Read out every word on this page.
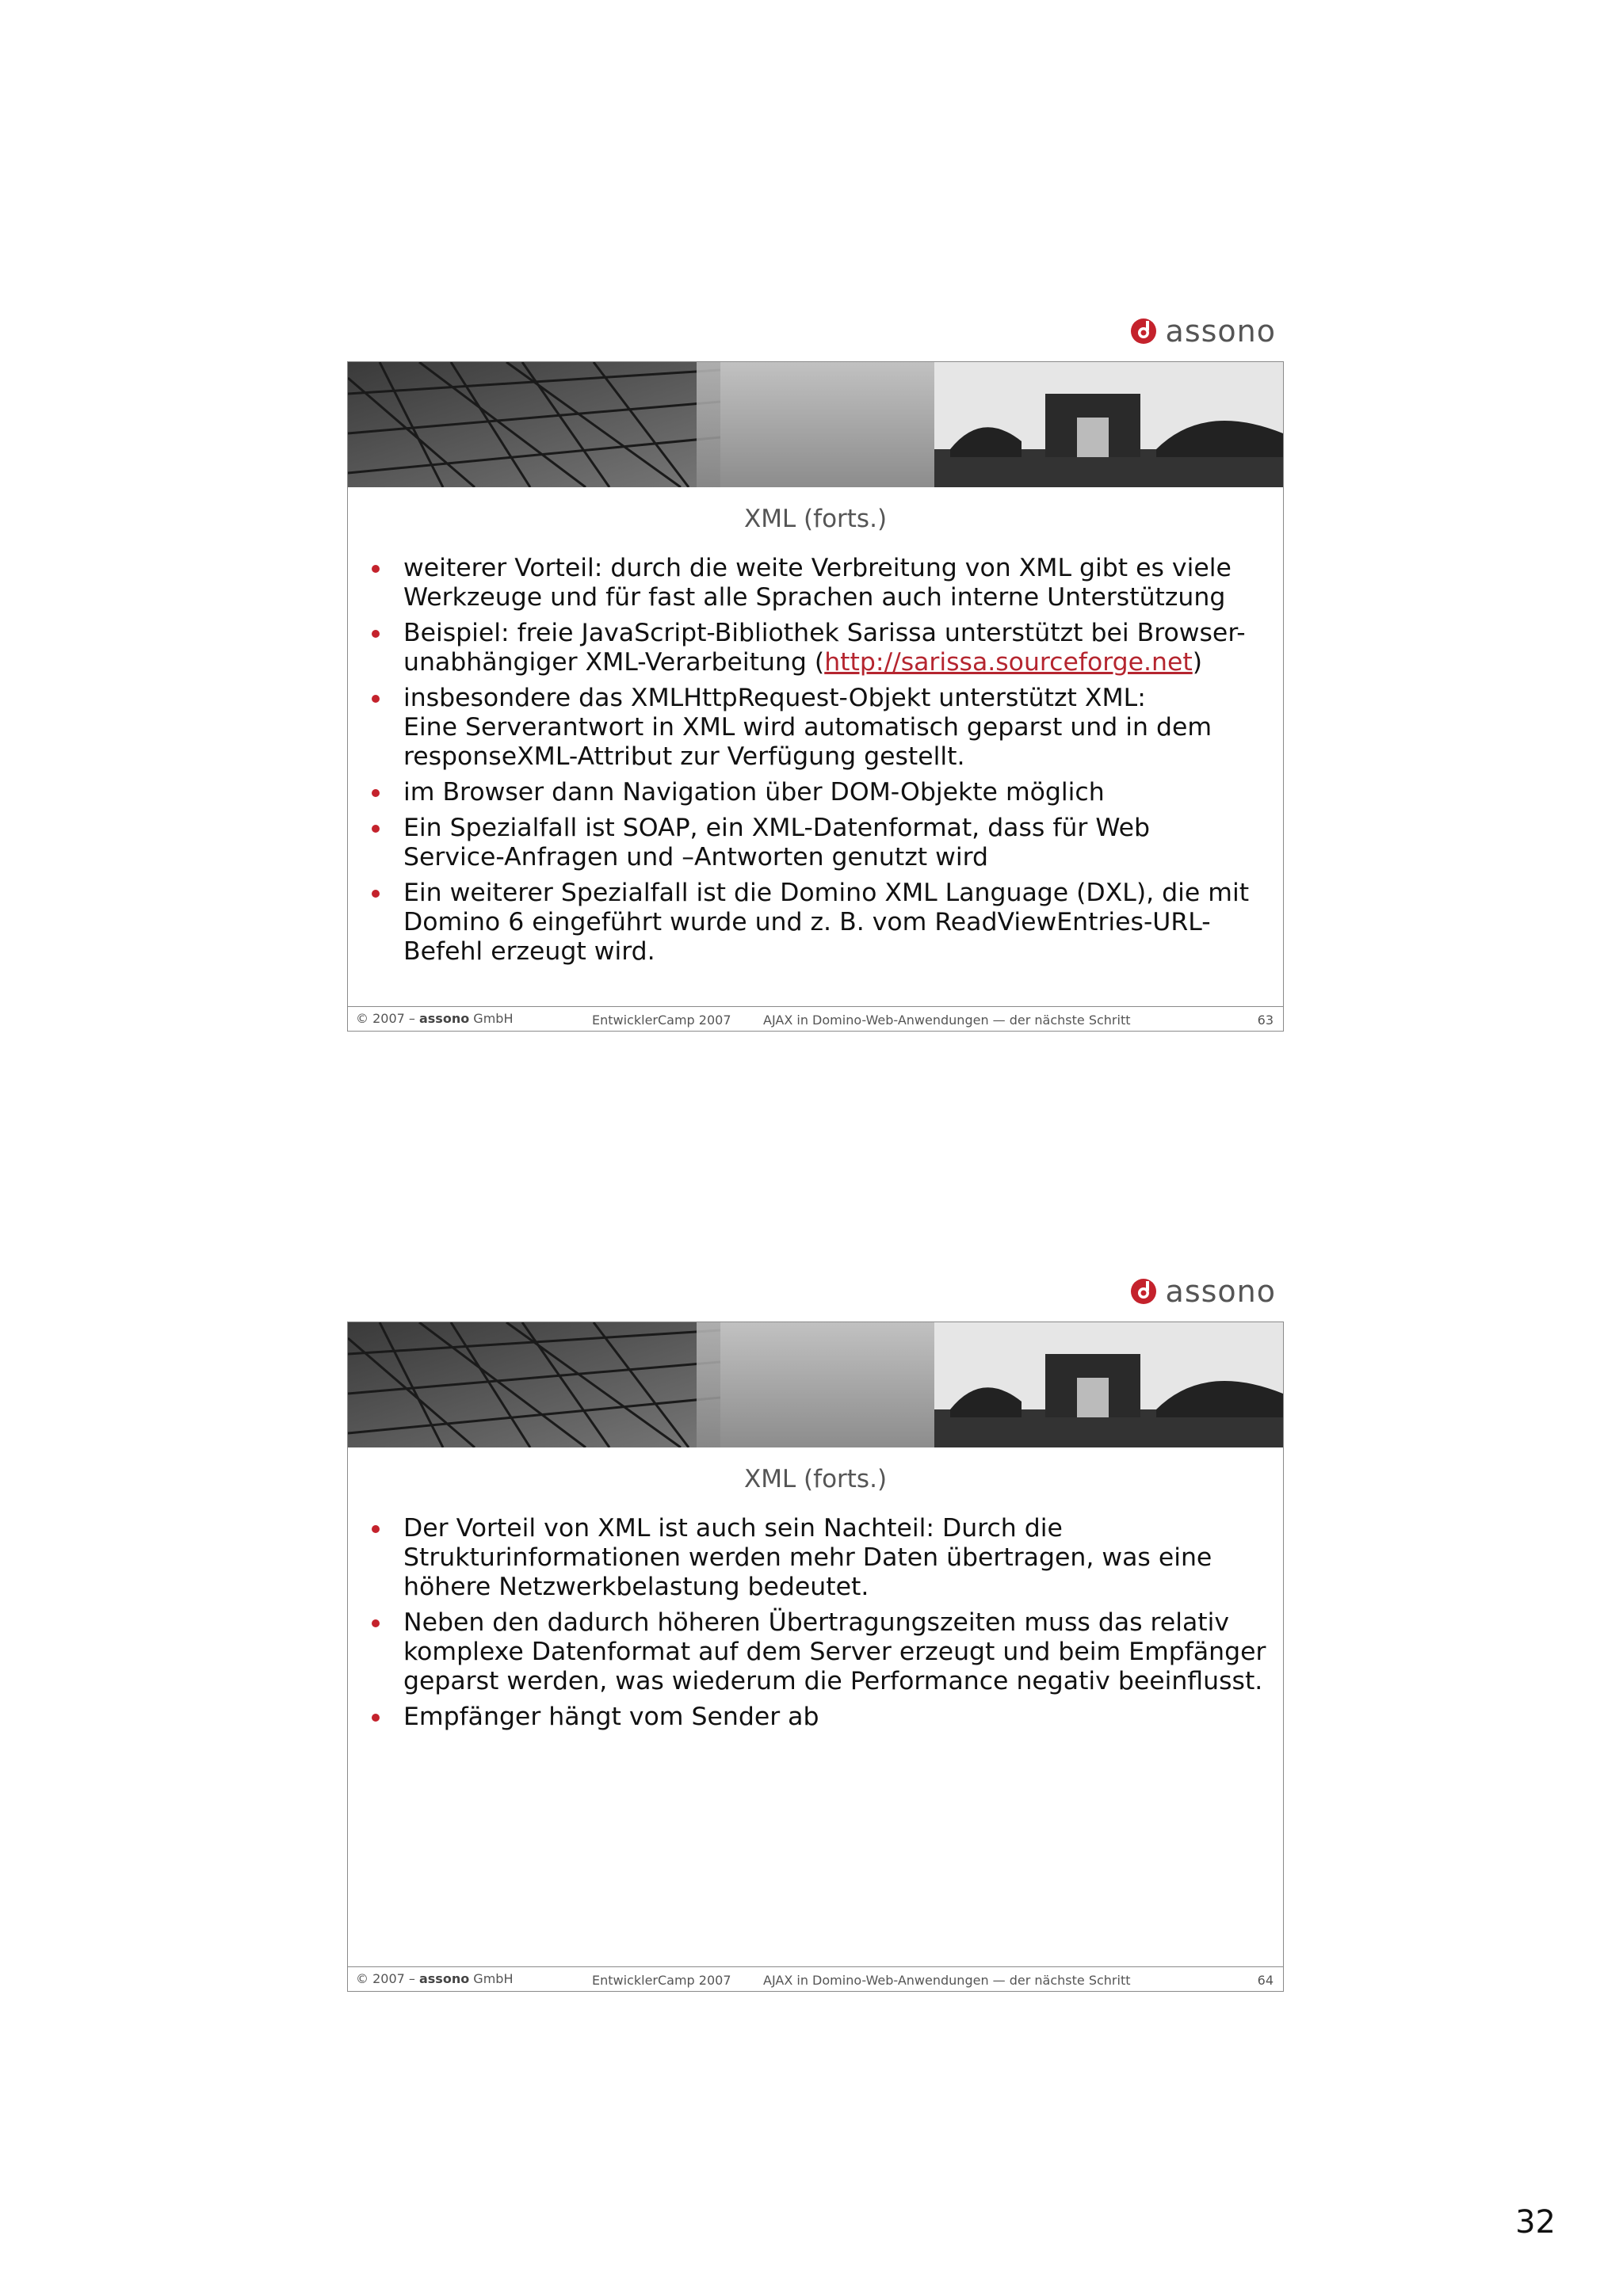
assono
XML (forts.)
weiterer Vorteil: durch die weite Verbreitung von XML gibt es viele
Werkzeuge und für fast alle Sprachen auch interne Unterstützung
Beispiel: freie JavaScript-Bibliothek Sarissa unterstützt bei Browser-
unabhängiger XML-Verarbeitung (http://sarissa.sourceforge.net)
insbesondere das XMLHttpRequest-Objekt unterstützt XML:
Eine Serverantwort in XML wird automatisch geparst und in dem
responseXML-Attribut zur Verfügung gestellt.
im Browser dann Navigation über DOM-Objekte möglich
Ein Spezialfall ist SOAP, ein XML-Datenformat, dass für Web
Service-Anfragen und –Antworten genutzt wird
Ein weiterer Spezialfall ist die Domino XML Language (DXL), die mit
Domino 6 eingeführt wurde und z. B. vom ReadViewEntries-URL-
Befehl erzeugt wird.
© 2007 – assono GmbH	EntwicklerCamp 2007	AJAX in Domino-Web-Anwendungen — der nächste Schritt	63
assono
XML (forts.)
Der Vorteil von XML ist auch sein Nachteil: Durch die
Strukturinformationen werden mehr Daten übertragen, was eine
höhere Netzwerkbelastung bedeutet.
Neben den dadurch höheren Übertragungszeiten muss das relativ
komplexe Datenformat auf dem Server erzeugt und beim Empfänger
geparst werden, was wiederum die Performance negativ beeinflusst.
Empfänger hängt vom Sender ab
© 2007 – assono GmbH	EntwicklerCamp 2007	AJAX in Domino-Web-Anwendungen — der nächste Schritt	64
32
